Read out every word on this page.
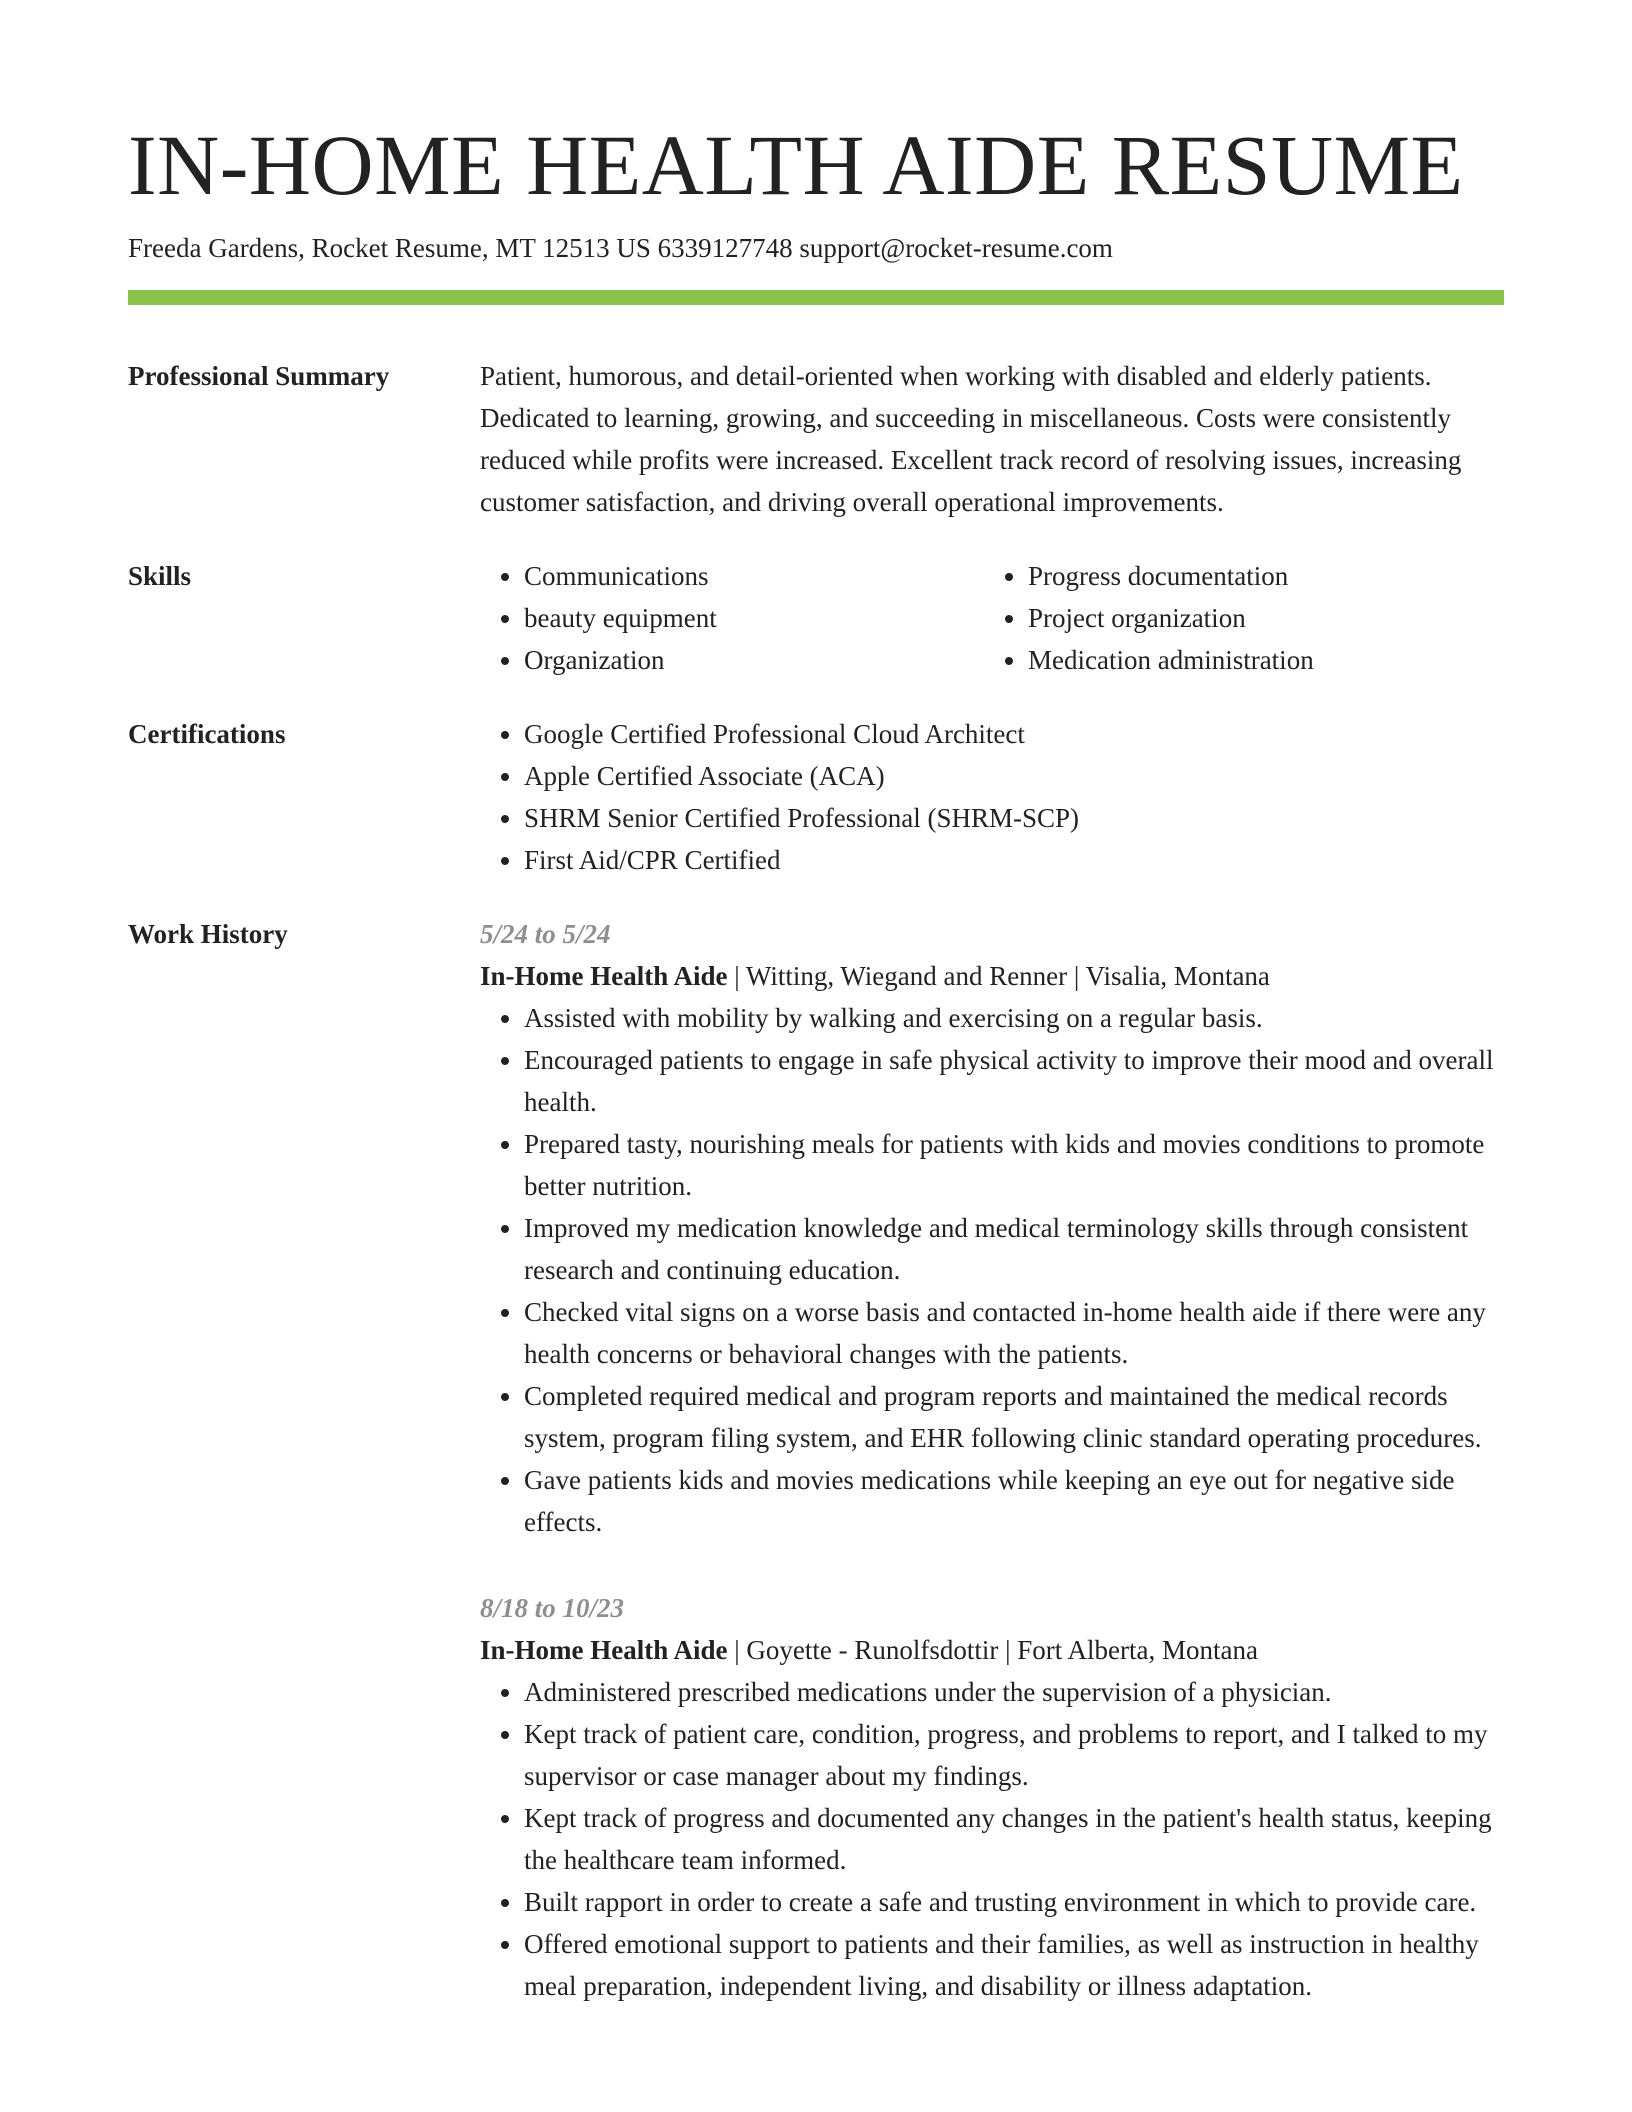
IN-HOME HEALTH AIDE RESUME
Freeda Gardens, Rocket Resume, MT 12513 US 6339127748 support@rocket-resume.com
Professional Summary	Patient, humorous, and detail-oriented when working with disabled and elderly patients. Dedicated to learning, growing, and succeeding in miscellaneous. Costs were consistently reduced while profits were increased. Excellent track record of resolving issues, increasing customer satisfaction, and driving overall operational improvements.
Skills	• Communications
• beauty equipment
• Organization
• Progress documentation
• Project organization
• Medication administration
Certifications	• Google Certified Professional Cloud Architect
• Apple Certified Associate (ACA)
• SHRM Senior Certified Professional (SHRM-SCP)
• First Aid/CPR Certified
Work History	5/24 to 5/24
In-Home Health Aide | Witting, Wiegand and Renner | Visalia, Montana
• Assisted with mobility by walking and exercising on a regular basis.
• Encouraged patients to engage in safe physical activity to improve their mood and overall health.
• Prepared tasty, nourishing meals for patients with kids and movies conditions to promote better nutrition.
• Improved my medication knowledge and medical terminology skills through consistent research and continuing education.
• Checked vital signs on a worse basis and contacted in-home health aide if there were any health concerns or behavioral changes with the patients.
• Completed required medical and program reports and maintained the medical records system, program filing system, and EHR following clinic standard operating procedures.
• Gave patients kids and movies medications while keeping an eye out for negative side effects.
8/18 to 10/23
In-Home Health Aide | Goyette - Runolfsdottir | Fort Alberta, Montana
• Administered prescribed medications under the supervision of a physician.
• Kept track of patient care, condition, progress, and problems to report, and I talked to my supervisor or case manager about my findings.
• Kept track of progress and documented any changes in the patient's health status, keeping the healthcare team informed.
• Built rapport in order to create a safe and trusting environment in which to provide care.
• Offered emotional support to patients and their families, as well as instruction in healthy meal preparation, independent living, and disability or illness adaptation.
